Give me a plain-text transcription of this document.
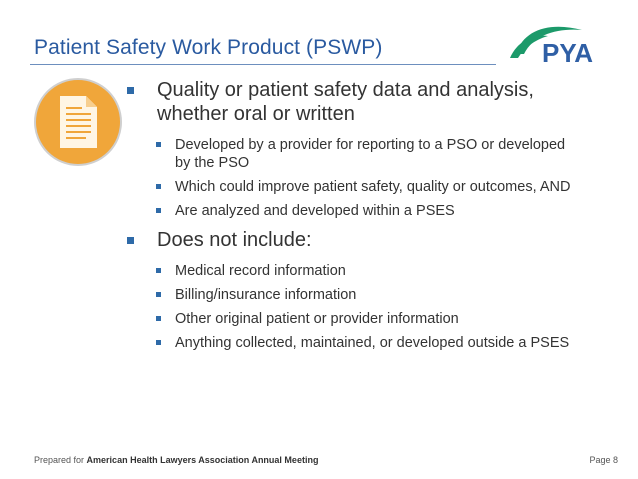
Patient Safety Work Product (PSWP)	PYA
Quality or patient safety data and analysis, whether oral or written
Developed by a provider for reporting to a PSO or developed by the PSO
Which could improve patient safety, quality or outcomes, AND
Are analyzed and developed within a PSES
Does not include:
Medical record information
Billing/insurance information
Other original patient or provider information
Anything collected, maintained, or developed outside a PSES
Prepared for American Health Lawyers Association Annual Meeting	Page 8
